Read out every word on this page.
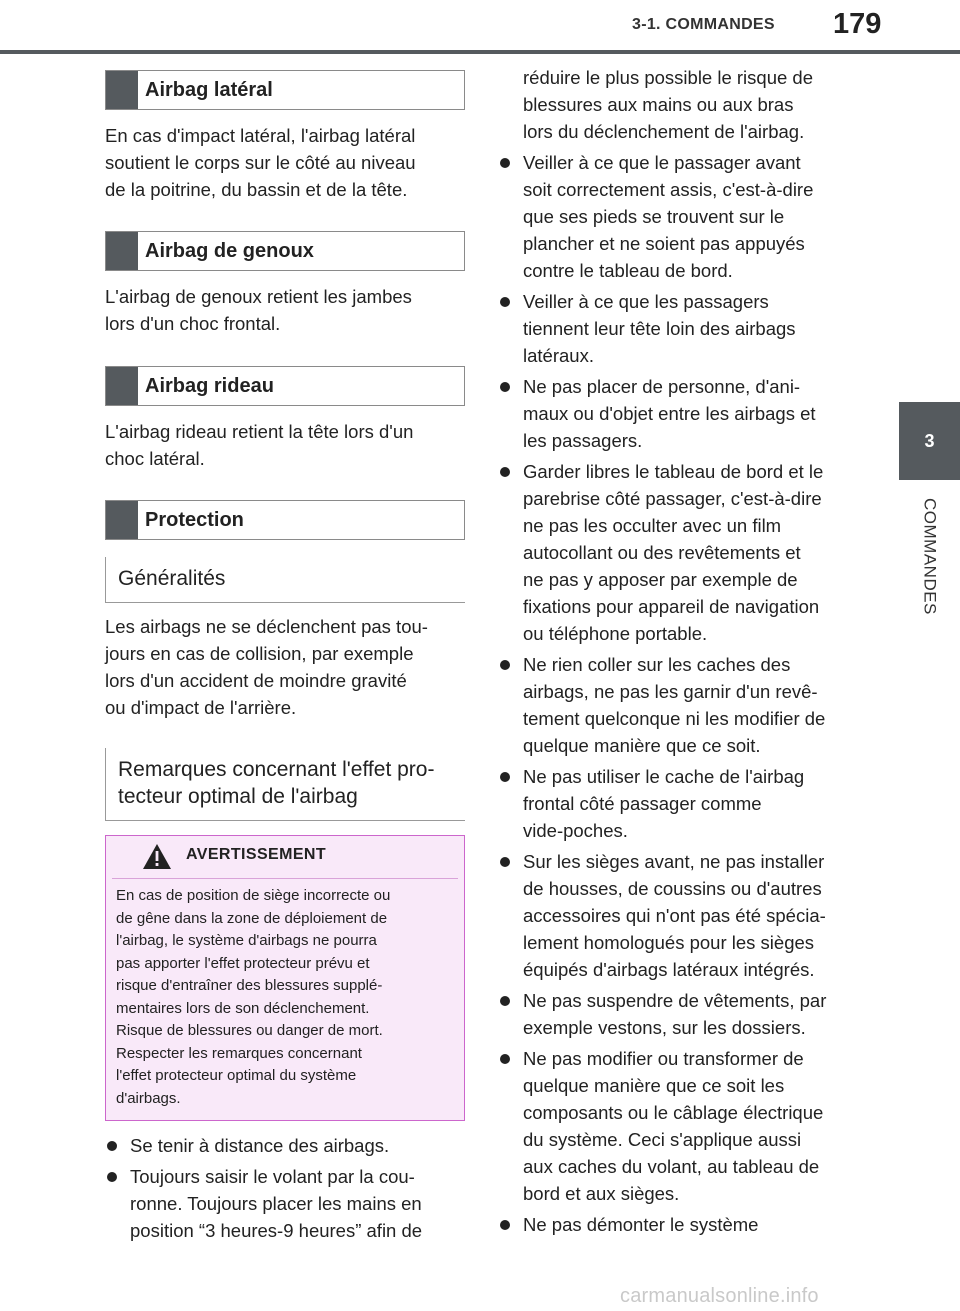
3-1. COMMANDES 179
3
COMMANDES
Airbag latéral

En cas d'impact latéral, l'airbag latéral
soutient le corps sur le côté au niveau
de la poitrine, du bassin et de la tête.

Airbag de genoux

L'airbag de genoux retient les jambes
lors d'un choc frontal.

Airbag rideau

L'airbag rideau retient la tête lors d'un
choc latéral.

Protection
Généralités

Les airbags ne se déclenchent pas tou-
jours en cas de collision, par exemple
lors d'un accident de moindre gravité
ou d'impact de l'arrière.

Remarques concernant l'effet pro-
tecteur optimal de l'airbag
AVERTISSEMENT
En cas de position de siège incorrecte ou
de gêne dans la zone de déploiement de
l'airbag, le système d'airbags ne pourra
pas apporter l'effet protecteur prévu et
risque d'entraîner des blessures supplé-
mentaires lors de son déclenchement.
Risque de blessures ou danger de mort.
Respecter les remarques concernant
l'effet protecteur optimal du système
d'airbags.
Se tenir à distance des airbags.
Toujours saisir le volant par la cou-
ronne. Toujours placer les mains en
position “3 heures-9 heures” afin de
réduire le plus possible le risque de
blessures aux mains ou aux bras
lors du déclenchement de l'airbag.
Veiller à ce que le passager avant
soit correctement assis, c'est-à-dire
que ses pieds se trouvent sur le
plancher et ne soient pas appuyés
contre le tableau de bord.
Veiller à ce que les passagers
tiennent leur tête loin des airbags
latéraux.
Ne pas placer de personne, d'ani-
maux ou d'objet entre les airbags et
les passagers.
Garder libres le tableau de bord et le
parebrise côté passager, c'est-à-dire
ne pas les occulter avec un film
autocollant ou des revêtements et
ne pas y apposer par exemple de
fixations pour appareil de navigation
ou téléphone portable.
Ne rien coller sur les caches des
airbags, ne pas les garnir d'un revê-
tement quelconque ni les modifier de
quelque manière que ce soit.
Ne pas utiliser le cache de l'airbag
frontal côté passager comme
vide-poches.
Sur les sièges avant, ne pas installer
de housses, de coussins ou d'autres
accessoires qui n'ont pas été spécia-
lement homologués pour les sièges
équipés d'airbags latéraux intégrés.
Ne pas suspendre de vêtements, par
exemple vestons, sur les dossiers.
Ne pas modifier ou transformer de
quelque manière que ce soit les
composants ou le câblage électrique
du système. Ceci s'applique aussi
aux caches du volant, au tableau de
bord et aux sièges.
Ne pas démonter le système
carmanualsonline.info
